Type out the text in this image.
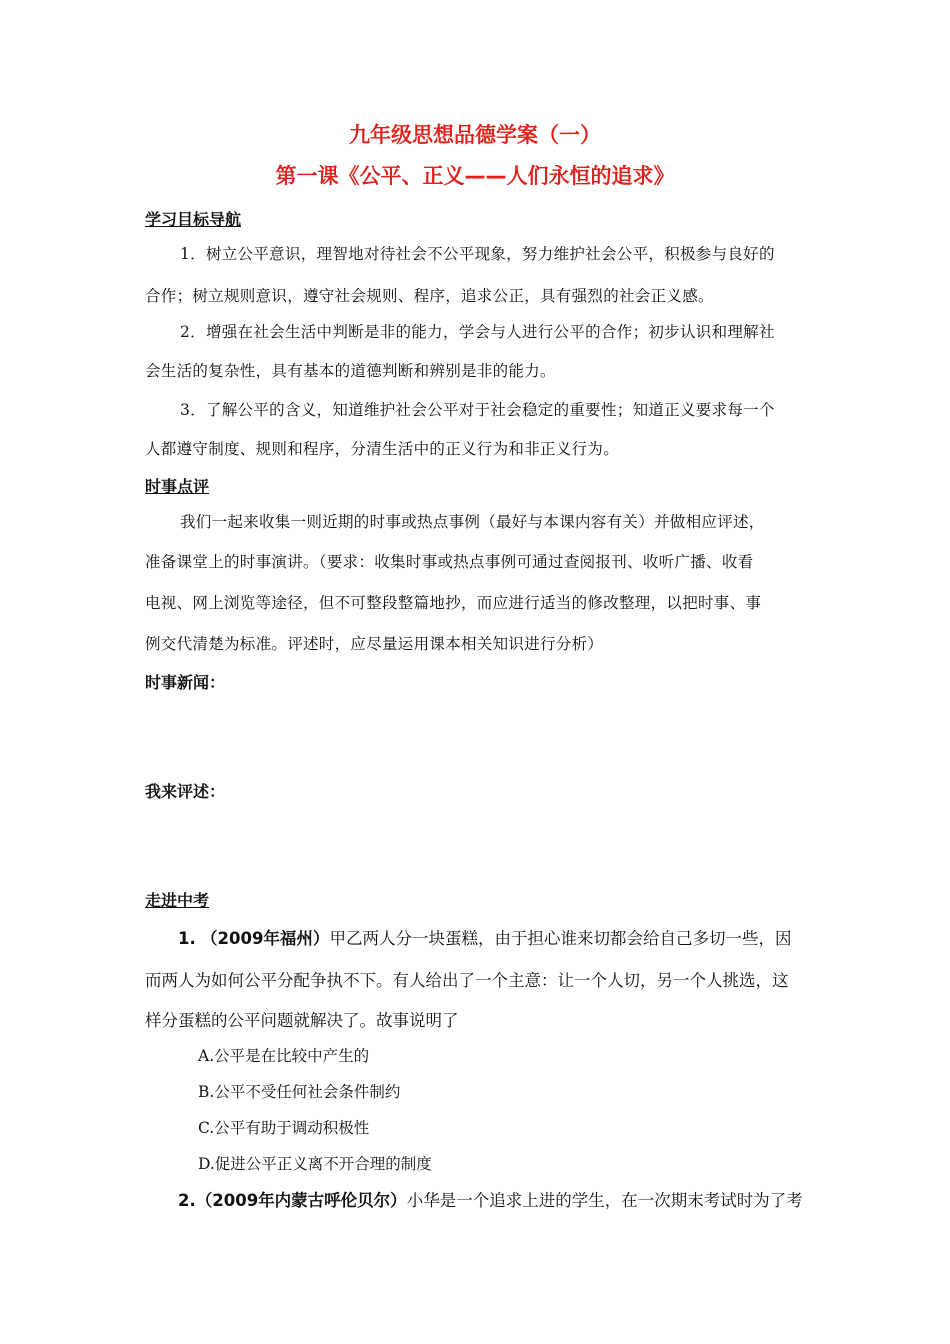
九年级思想品德学案（一）
第一课《公平、正义——人们永恒的追求》
学习目标导航
1．树立公平意识，理智地对待社会不公平现象，努力维护社会公平，积极参与良好的
合作；树立规则意识，遵守社会规则、程序，追求公正，具有强烈的社会正义感。
2．增强在社会生活中判断是非的能力，学会与人进行公平的合作；初步认识和理解社
会生活的复杂性，具有基本的道德判断和辨别是非的能力。
3．了解公平的含义，知道维护社会公平对于社会稳定的重要性；知道正义要求每一个
人都遵守制度、规则和程序，分清生活中的正义行为和非正义行为。
时事点评
我们一起来收集一则近期的时事或热点事例（最好与本课内容有关）并做相应评述，
准备课堂上的时事演讲。（要求：收集时事或热点事例可通过查阅报刊、收听广播、收看
电视、网上浏览等途径，但不可整段整篇地抄，而应进行适当的修改整理，以把时事、事
例交代清楚为标准。评述时，应尽量运用课本相关知识进行分析）
时事新闻：
我来评述：
走进中考
1. （2009年福州）甲乙两人分一块蛋糕，由于担心谁来切都会给自己多切一些，因
而两人为如何公平分配争执不下。有人给出了一个主意：让一个人切，另一个人挑选，这
样分蛋糕的公平问题就解决了。故事说明了
A.公平是在比较中产生的
B.公平不受任何社会条件制约
C.公平有助于调动积极性
D.促进公平正义离不开合理的制度
2.（2009年内蒙古呼伦贝尔）小华是一个追求上进的学生，在一次期末考试时为了考
